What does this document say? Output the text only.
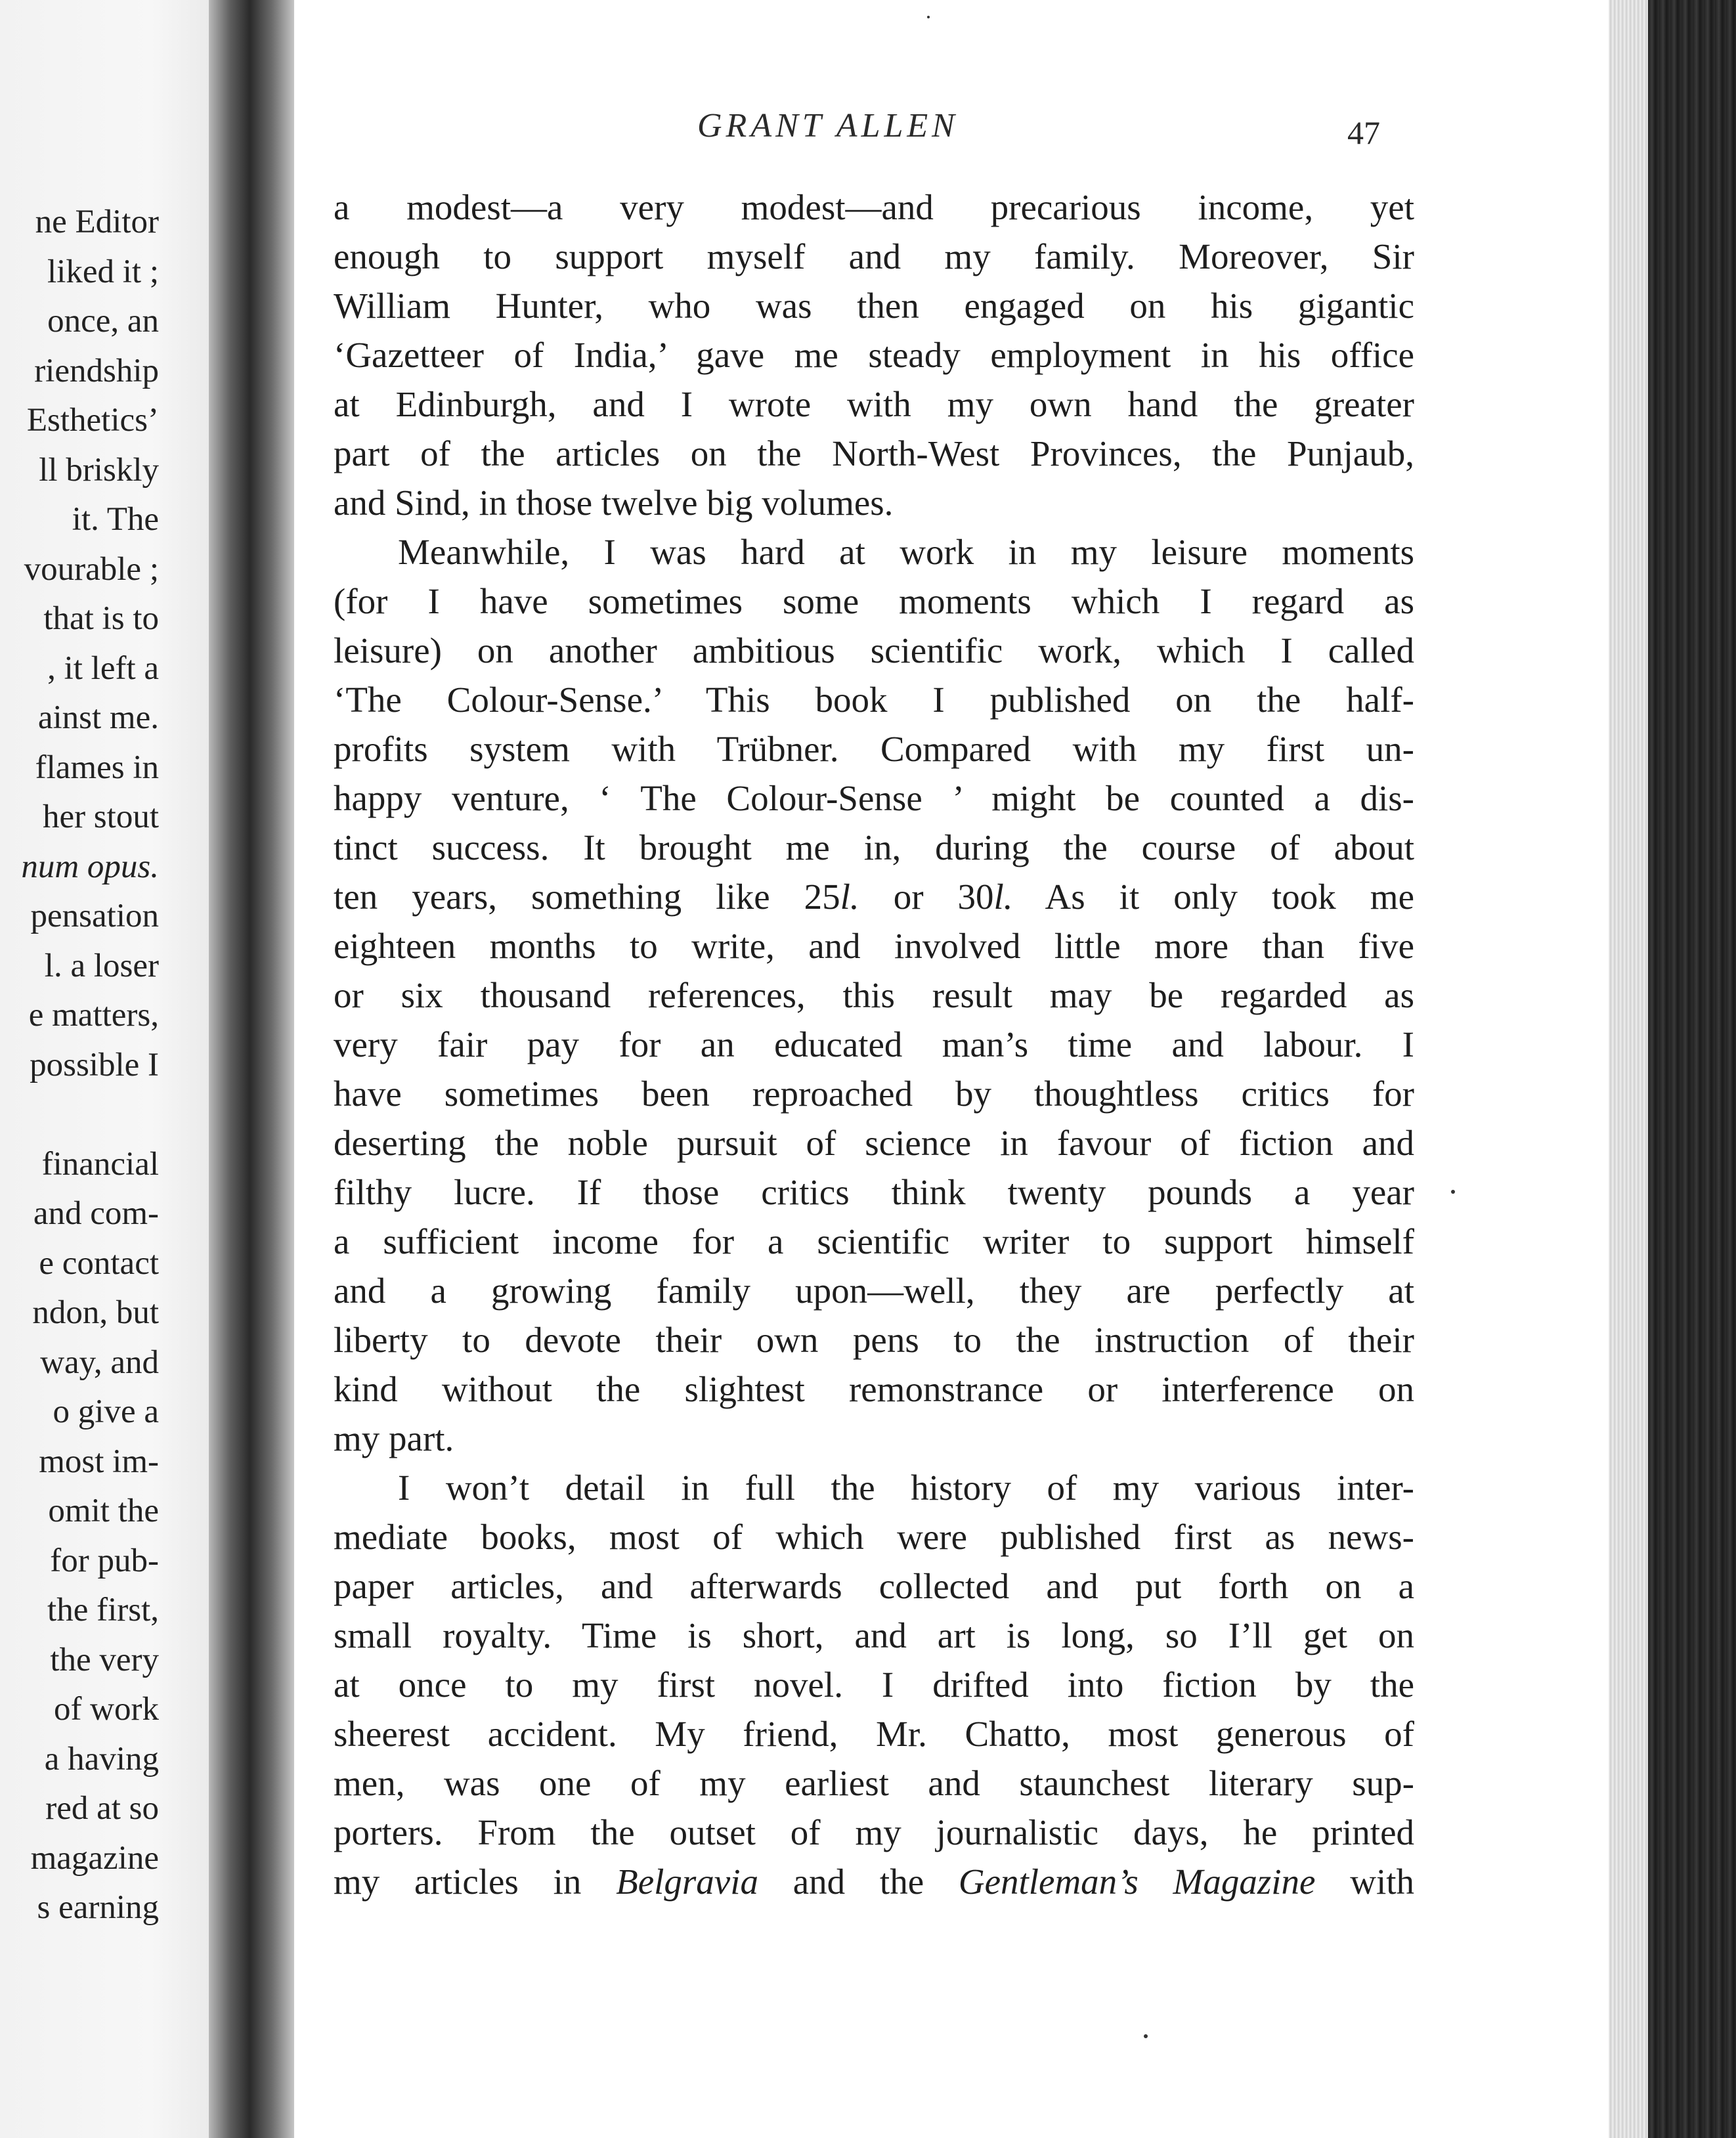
ne Editor
liked it ;
once, an
riendship
Esthetics’
ll briskly
it. The
vourable ;
that is to
, it left a
ainst me.
flames in
her stout
num opus.
pensation
l. a loser
e matters,
possible I
financial
and com-
e contact
ndon, but
way, and
o give a
most im-
omit the
for pub-
the first,
the very
of work
a having
red at so
magazine
s earning
GRANT ALLEN	47
a modest—a very modest—and precarious income, yet
enough to support myself and my family. Moreover, Sir
William Hunter, who was then engaged on his gigantic
‘Gazetteer of India,’ gave me steady employment in his office
at Edinburgh, and I wrote with my own hand the greater
part of the articles on the North-West Provinces, the Punjaub,
and Sind, in those twelve big volumes.
Meanwhile, I was hard at work in my leisure moments
(for I have sometimes some moments which I regard as
leisure) on another ambitious scientific work, which I called
‘The Colour-Sense.’ This book I published on the half-
profits system with Trübner. Compared with my first un-
happy venture, ‘ The Colour-Sense ’ might be counted a dis-
tinct success. It brought me in, during the course of about
ten years, something like 25l. or 30l. As it only took me
eighteen months to write, and involved little more than five
or six thousand references, this result may be regarded as
very fair pay for an educated man’s time and labour. I
have sometimes been reproached by thoughtless critics for
deserting the noble pursuit of science in favour of fiction and
filthy lucre. If those critics think twenty pounds a year
a sufficient income for a scientific writer to support himself
and a growing family upon—well, they are perfectly at
liberty to devote their own pens to the instruction of their
kind without the slightest remonstrance or interference on
my part.
I won’t detail in full the history of my various inter-
mediate books, most of which were published first as news-
paper articles, and afterwards collected and put forth on a
small royalty. Time is short, and art is long, so I’ll get on
at once to my first novel. I drifted into fiction by the
sheerest accident. My friend, Mr. Chatto, most generous of
men, was one of my earliest and staunchest literary sup-
porters. From the outset of my journalistic days, he printed
my articles in Belgravia and the Gentleman’s Magazine with
